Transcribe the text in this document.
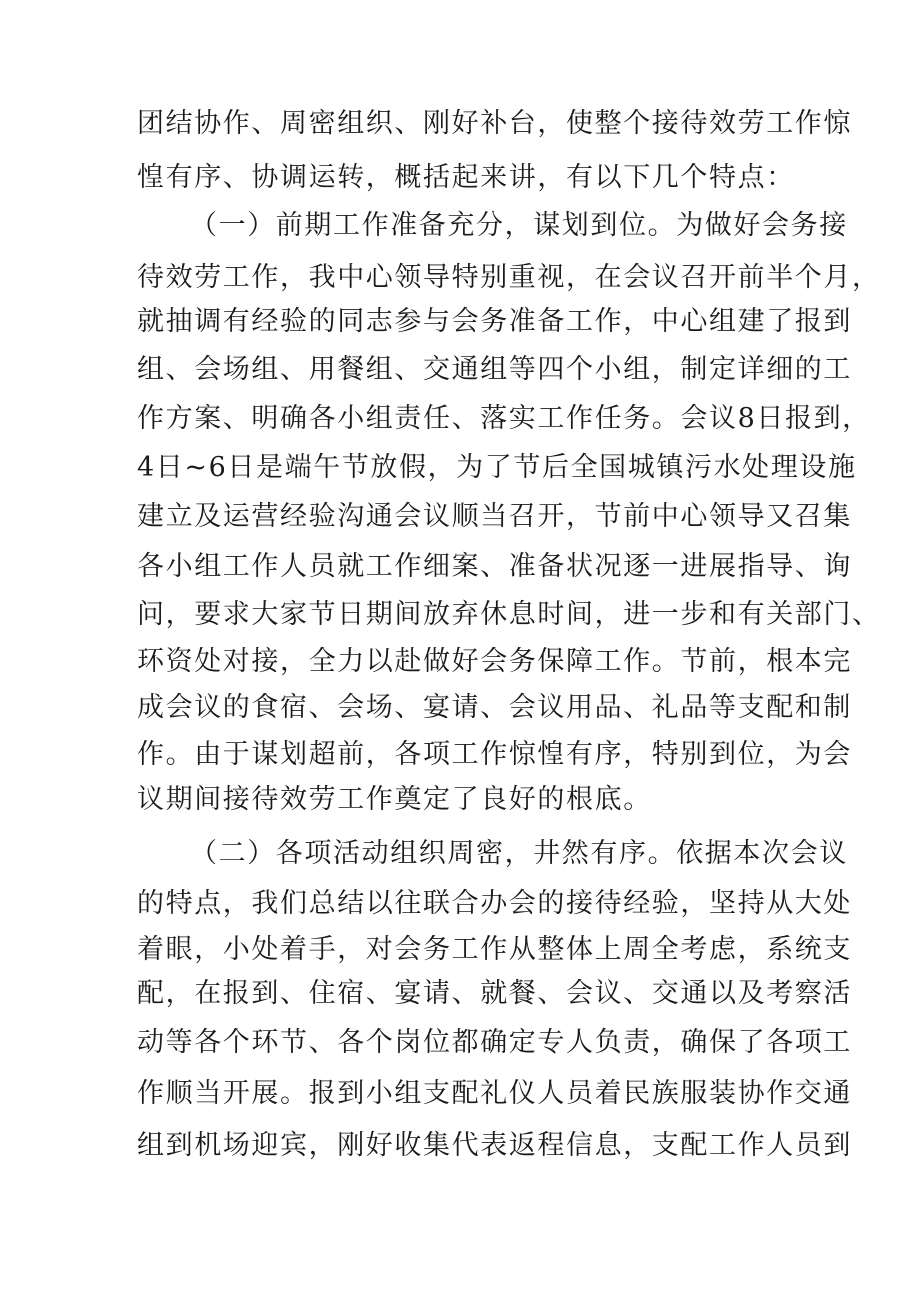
团结协作、周密组织、刚好补台，使整个接待效劳工作惊
惶有序、协调运转，概括起来讲，有以下几个特点：
（一）前期工作准备充分，谋划到位。为做好会务接
待效劳工作，我中心领导特别重视，在会议召开前半个月，
就抽调有经验的同志参与会务准备工作，中心组建了报到
组、会场组、用餐组、交通组等四个小组，制定详细的工
作方案、明确各小组责任、落实工作任务。会议8日报到，
4日~6日是端午节放假，为了节后全国城镇污水处理设施
建立及运营经验沟通会议顺当召开，节前中心领导又召集
各小组工作人员就工作细案、准备状况逐一进展指导、询
问，要求大家节日期间放弃休息时间，进一步和有关部门、
环资处对接，全力以赴做好会务保障工作。节前，根本完
成会议的食宿、会场、宴请、会议用品、礼品等支配和制
作。由于谋划超前，各项工作惊惶有序，特别到位，为会
议期间接待效劳工作奠定了良好的根底。
（二）各项活动组织周密，井然有序。依据本次会议
的特点，我们总结以往联合办会的接待经验，坚持从大处
着眼，小处着手，对会务工作从整体上周全考虑，系统支
配，在报到、住宿、宴请、就餐、会议、交通以及考察活
动等各个环节、各个岗位都确定专人负责，确保了各项工
作顺当开展。报到小组支配礼仪人员着民族服装协作交通
组到机场迎宾，刚好收集代表返程信息，支配工作人员到
